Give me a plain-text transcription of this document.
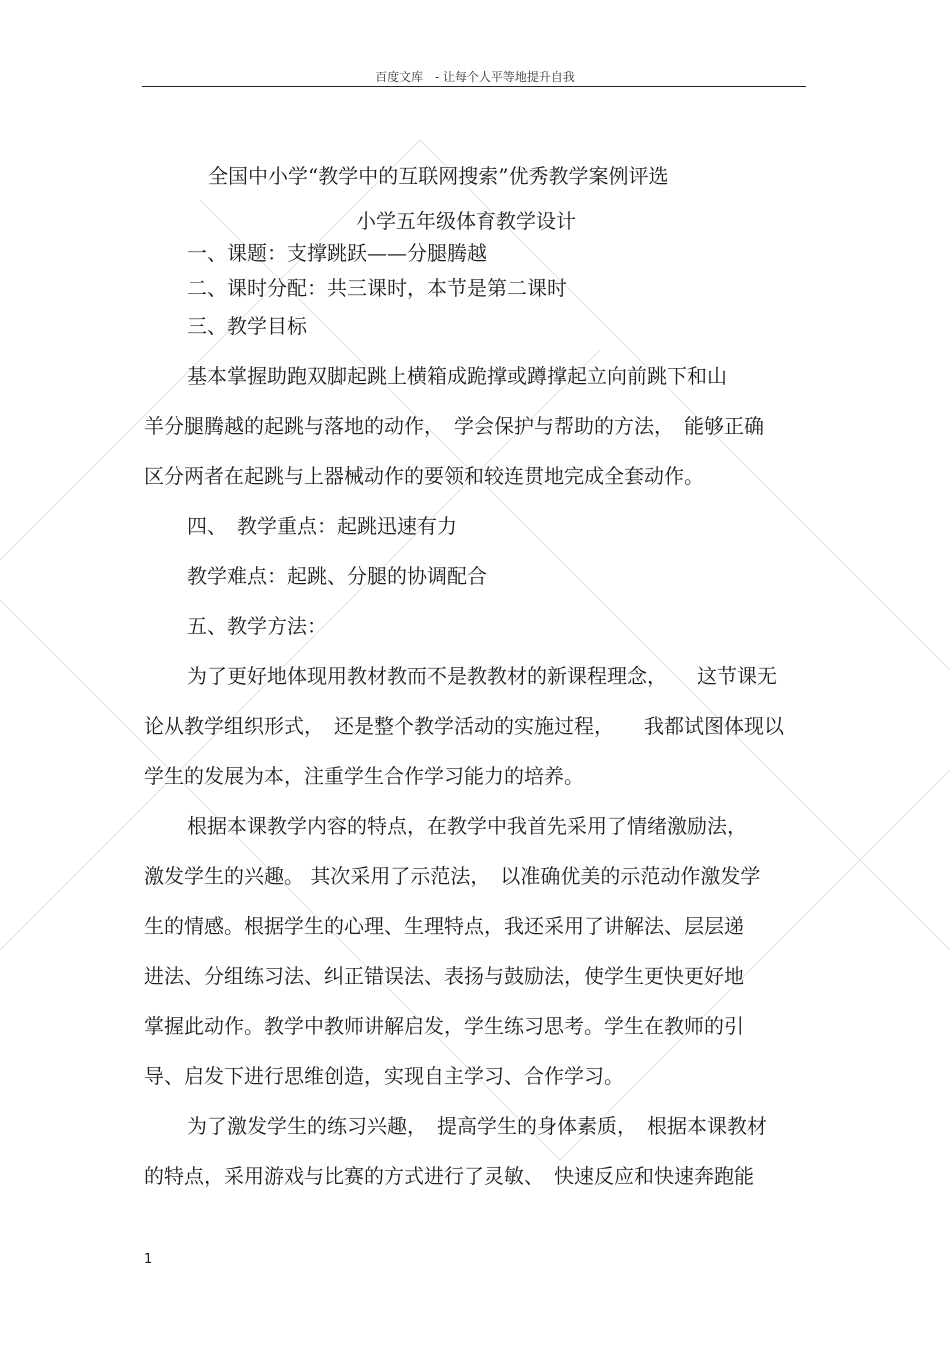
百度文库　- 让每个人平等地提升自我
全国中小学“教学中的互联网搜索”优秀教学案例评选
小学五年级体育教学设计
一、课题：支撑跳跃——分腿腾越
二、课时分配：共三课时，本节是第二课时
三、教学目标
基本掌握助跑双脚起跳上横箱成跪撑或蹲撑起立向前跳下和山
羊分腿腾越的起跳与落地的动作，　学会保护与帮助的方法，　能够正确
区分两者在起跳与上器械动作的要领和较连贯地完成全套动作。
四、　教学重点：起跳迅速有力
教学难点：起跳、分腿的协调配合
五、教学方法：
为了更好地体现用教材教而不是教教材的新课程理念，　　这节课无
论从教学组织形式，　还是整个教学活动的实施过程，　　我都试图体现以
学生的发展为本，注重学生合作学习能力的培养。
根据本课教学内容的特点，在教学中我首先采用了情绪激励法，
激发学生的兴趣。 其次采用了示范法，　以准确优美的示范动作激发学
生的情感。根据学生的心理、生理特点，我还采用了讲解法、层层递
进法、分组练习法、纠正错误法、表扬与鼓励法，使学生更快更好地
掌握此动作。教学中教师讲解启发，学生练习思考。学生在教师的引
导、启发下进行思维创造，实现自主学习、合作学习。
为了激发学生的练习兴趣，　提高学生的身体素质，　根据本课教材
的特点，采用游戏与比赛的方式进行了灵敏、　快速反应和快速奔跑能
1
